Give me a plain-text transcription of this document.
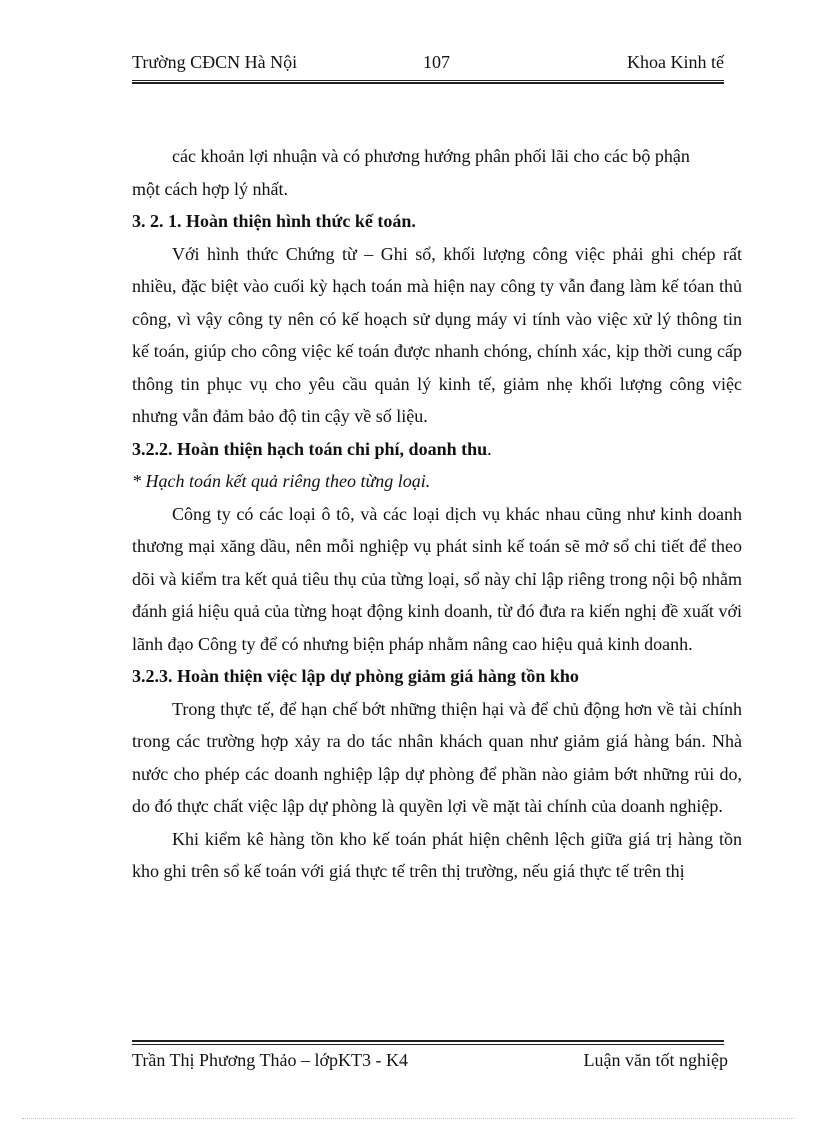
Trường CĐCN Hà Nội	107	Khoa Kinh tế

các khoản lợi nhuận và có phương hướng phân phối lãi cho các bộ phận

một cách hợp lý nhất.

3. 2. 1. Hoàn thiện hình thức kế toán.

Với hình thức Chứng từ – Ghi sổ, khối lượng công việc phải ghi chép rất nhiều, đặc biệt vào cuối kỳ hạch toán mà hiện nay công ty vẫn đang làm kế tóan thủ công, vì vậy công ty nên có kế hoạch sử dụng máy vi tính vào việc xử lý thông tin kế toán, giúp cho công việc kế toán được nhanh chóng, chính xác, kịp thời cung cấp thông tin phục vụ cho yêu cầu quản lý kinh tế, giảm nhẹ khối lượng công việc nhưng vẫn đảm bảo độ tin cậy về số liệu.

3.2.2. Hoàn thiện hạch toán chi phí, doanh thu.

* Hạch toán kết quả riêng theo từng loại.

Công ty có các loại ô tô, và các loại dịch vụ khác nhau cũng như kinh doanh thương mại xăng dầu, nên mỗi nghiệp vụ phát sinh kế toán sẽ mở sổ chi tiết để theo dõi và kiểm tra kết quả tiêu thụ của từng loại, sổ này chỉ lập riêng trong nội bộ nhằm đánh giá hiệu quả của từng hoạt động kinh doanh, từ đó đưa ra kiến nghị đề xuất với lãnh đạo Công ty để có nhưng biện pháp nhằm nâng cao hiệu quả kinh doanh.

3.2.3. Hoàn thiện việc lập dự phòng giảm giá hàng tồn kho

Trong thực tế, để hạn chế bớt những thiện hại và để chủ động hơn về tài chính trong các trường hợp xảy ra do tác nhân khách quan như giảm giá hàng bán. Nhà nước cho phép các doanh nghiệp lập dự phòng để phần nào giảm bớt những rủi do, do đó thực chất việc lập dự phòng là quyền lợi về mặt tài chính của doanh nghiệp.

Khi kiểm kê hàng tồn kho kế toán phát hiện chênh lệch giữa giá trị hàng tồn kho ghi trên sổ kế toán với giá thực tế trên thị trường, nếu giá thực tế trên thị

Trần Thị Phương Thảo – lớpKT3 - K4	Luận văn tốt nghiệp
